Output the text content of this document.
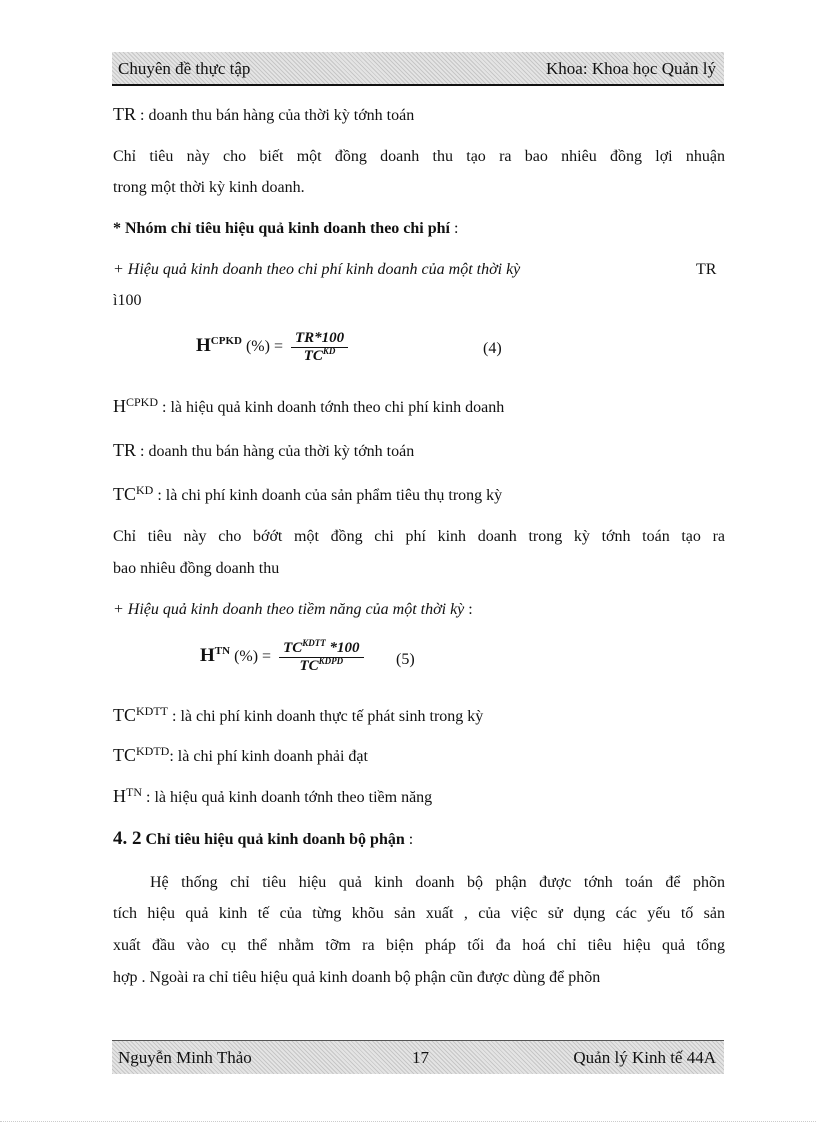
Chuyên đề thực tập	Khoa: Khoa học Quản lý
TR : doanh thu bán hàng của thời kỳ tớnh toán
Chỉ tiêu này cho biết một đồng doanh thu tạo ra bao nhiêu đồng lợi nhuận
trong một thời kỳ kinh doanh.
* Nhóm chỉ tiêu hiệu quả kinh doanh theo chi phí :
+ Hiệu quả kinh doanh theo chi phí kinh doanh của một thời kỳ	TR
ì100
$H^{CPKD}$ (%) = $\frac{TR*100}{TC^{KD}}$	(4)
$H^{CPKD}$ : là hiệu quả kinh doanh tớnh theo chi phí kinh doanh
TR : doanh thu bán hàng của thời kỳ tớnh toán
$TC^{KD}$ : là chi phí kinh doanh của sản phẩm tiêu thụ trong kỳ
Chỉ tiêu này cho bớớt một đồng chi phí kinh doanh trong kỳ tớnh toán tạo ra
bao nhiêu đồng doanh thu
+ Hiệu quả kinh doanh theo tiềm năng của một thời kỳ :
$H^{TN}$ (%) = $\frac{TC^{KDTT} *100}{TC^{KDPD}} (5)$
$TC^{KDTT}$ : là chi phí kinh doanh thực tế phát sinh trong kỳ
$TC^{KDTD}$: là chi phí kinh doanh phải đạt
$H^{TN}$ : là hiệu quả kinh doanh tớnh theo tiềm năng
4. 2 Chỉ tiêu hiệu quả kinh doanh bộ phận :
Hệ thống chỉ tiêu hiệu quả kinh doanh bộ phận được tớnh toán để phõn
tích hiệu quả kinh tế của từng khõu sản xuất , của việc sử dụng các yếu tố sản
xuất đầu vào cụ thể nhằm tỡm ra biện pháp tối đa hoá chỉ tiêu hiệu quả tổng
hợp . Ngoài ra chỉ tiêu hiệu quả kinh doanh bộ phận cũn được dùng để phõn
Nguyễn Minh Thảo	17	Quản lý Kinh tế 44A
